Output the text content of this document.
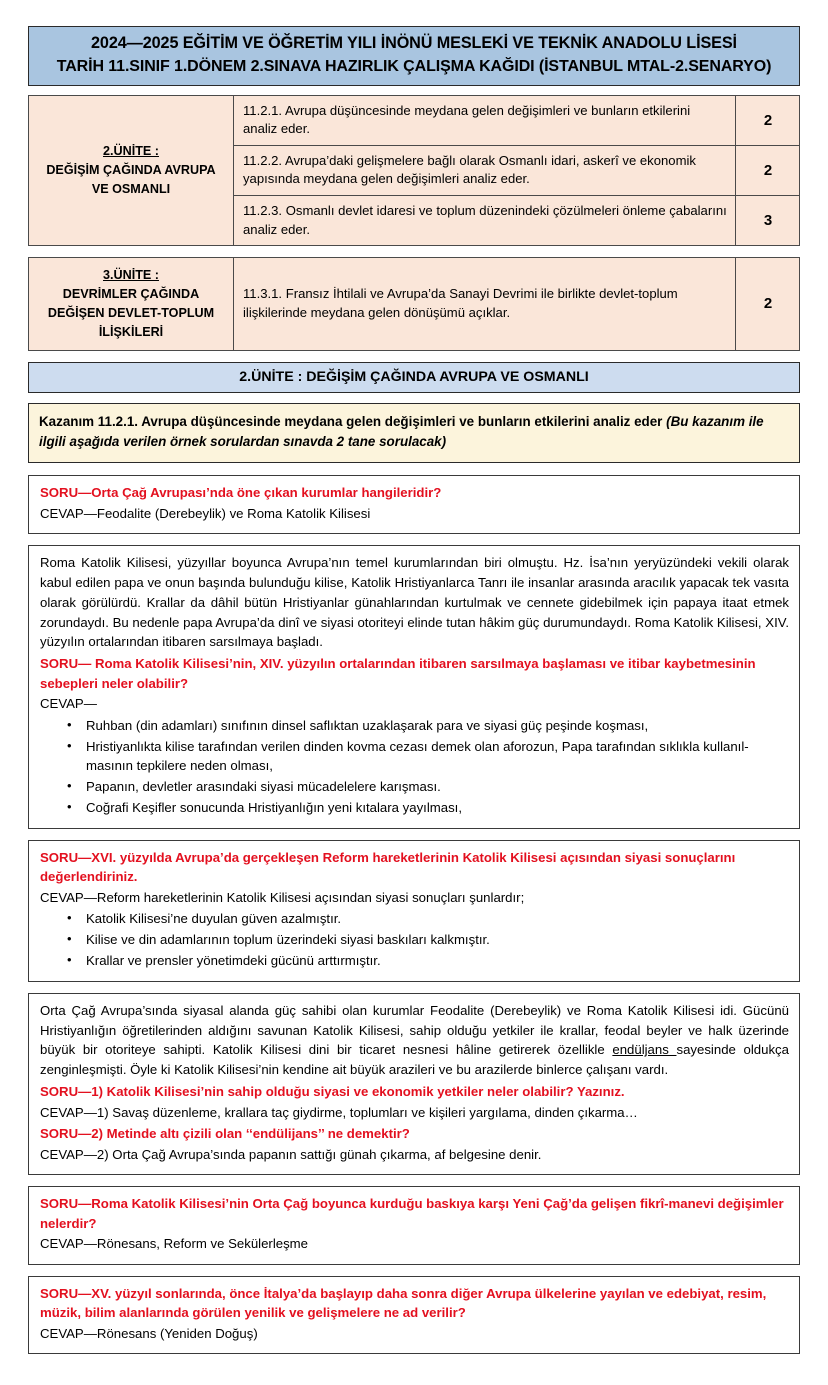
2024—2025 EĞİTİM VE ÖĞRETİM YILI İNÖNÜ MESLEKİ VE TEKNİK ANADOLU LİSESİ
TARİH 11.SINIF 1.DÖNEM 2.SINAVA HAZIRLIK ÇALIŞMA KAĞIDI (İSTANBUL MTAL-2.SENARYO)
2.ÜNİTE :
DEĞİŞİM ÇAĞINDA AVRUPA
VE OSMANLI	11.2.1. Avrupa düşüncesinde meydana gelen değişimleri ve bunların etkilerini analiz eder.	2
	11.2.2. Avrupa’daki gelişmelere bağlı olarak Osmanlı idari, askerî ve ekonomik yapısında meydana gelen değişimleri analiz eder.	2
	11.2.3. Osmanlı devlet idaresi ve toplum düzenindeki çözülmeleri önleme çabalarını analiz eder.	3
3.ÜNİTE :
DEVRİMLER ÇAĞINDA
DEĞİŞEN DEVLET-TOPLUM
İLİŞKİLERİ	11.3.1. Fransız İhtilali ve Avrupa’da Sanayi Devrimi ile birlikte devlet-toplum ilişkilerinde meydana gelen dönüşümü açıklar.	2
2.ÜNİTE : DEĞİŞİM ÇAĞINDA AVRUPA VE OSMANLI
Kazanım 11.2.1. Avrupa düşüncesinde meydana gelen değişimleri ve bunların etkilerini analiz eder (Bu kazanım ile ilgili aşağıda verilen örnek sorulardan sınavda 2 tane sorulacak)

SORU—Orta Çağ Avrupası’nda öne çıkan kurumlar hangileridir?

CEVAP—Feodalite (Derebeylik) ve Roma Katolik Kilisesi

Roma Katolik Kilisesi, yüzyıllar boyunca Avrupa’nın temel kurumlarından biri olmuştu. Hz. İsa’nın yeryüzündeki vekili olarak kabul edilen papa ve onun başında bulunduğu kilise, Katolik Hristiyanlarca Tanrı ile insanlar arasında aracılık yapacak tek vasıta olarak görülürdü. Krallar da dâhil bütün Hristiyanlar günahlarından kurtulmak ve cennete gidebilmek için papaya itaat etmek zorundaydı. Bu nedenle papa Avrupa’da dinî ve siyasi otoriteyi elinde tutan hâkim güç durumundaydı. Roma Katolik Kilisesi, XIV. yüzyılın ortalarından itibaren sarsılmaya başladı.

SORU— Roma Katolik Kilisesi’nin, XIV. yüzyılın ortalarından itibaren sarsılmaya başlaması ve itibar kaybetmesinin sebepleri neler olabilir?

CEVAP—

• Ruhban (din adamları) sınıfının dinsel saflıktan uzaklaşarak para ve siyasi güç peşinde koşması,
• Hristiyanlıkta kilise tarafından verilen dinden kovma cezası demek olan aforozun, Papa tarafından sıklıkla kullanıl-masının tepkilere neden olması,
• Papanın, devletler arasındaki siyasi mücadelelere karışması.
• Coğrafi Keşifler sonucunda Hristiyanlığın yeni kıtalara yayılması,

SORU—XVI. yüzyılda Avrupa’da gerçekleşen Reform hareketlerinin Katolik Kilisesi açısından siyasi sonuçlarını değerlendiriniz.

CEVAP—Reform hareketlerinin Katolik Kilisesi açısından siyasi sonuçları şunlardır;

• Katolik Kilisesi’ne duyulan güven azalmıştır.
• Kilise ve din adamlarının toplum üzerindeki siyasi baskıları kalkmıştır.
• Krallar ve prensler yönetimdeki gücünü arttırmıştır.

Orta Çağ Avrupa’sında siyasal alanda güç sahibi olan kurumlar Feodalite (Derebeylik) ve Roma Katolik Kilisesi idi. Gücünü Hristiyanlığın öğretilerinden aldığını savunan Katolik Kilisesi, sahip olduğu yetkiler ile krallar, feodal beyler ve halk üzerinde büyük bir otoriteye sahipti. Katolik Kilisesi dini bir ticaret nesnesi hâline getirerek özellikle endüljans sayesinde oldukça zenginleşmişti. Öyle ki Katolik Kilisesi’nin kendine ait büyük arazileri ve bu arazilerde binlerce çalışanı vardı.

SORU—1) Katolik Kilisesi’nin sahip olduğu siyasi ve ekonomik yetkiler neler olabilir? Yazınız.

CEVAP—1) Savaş düzenleme, krallara taç giydirme, toplumları ve kişileri yargılama, dinden çıkarma…

SORU—2) Metinde altı çizili olan ‘‘endülijans’’ ne demektir?

CEVAP—2) Orta Çağ Avrupa’sında papanın sattığı günah çıkarma, af belgesine denir.

SORU—Roma Katolik Kilisesi’nin Orta Çağ boyunca kurduğu baskıya karşı Yeni Çağ’da gelişen fikrî-manevi değişimler nelerdir?

CEVAP—Rönesans, Reform ve Sekülerleşme

SORU—XV. yüzyıl sonlarında, önce İtalya’da başlayıp daha sonra diğer Avrupa ülkelerine yayılan ve edebiyat, resim, müzik, bilim alanlarında görülen yenilik ve gelişmelere ne ad verilir?

CEVAP—Rönesans (Yeniden Doğuş)
